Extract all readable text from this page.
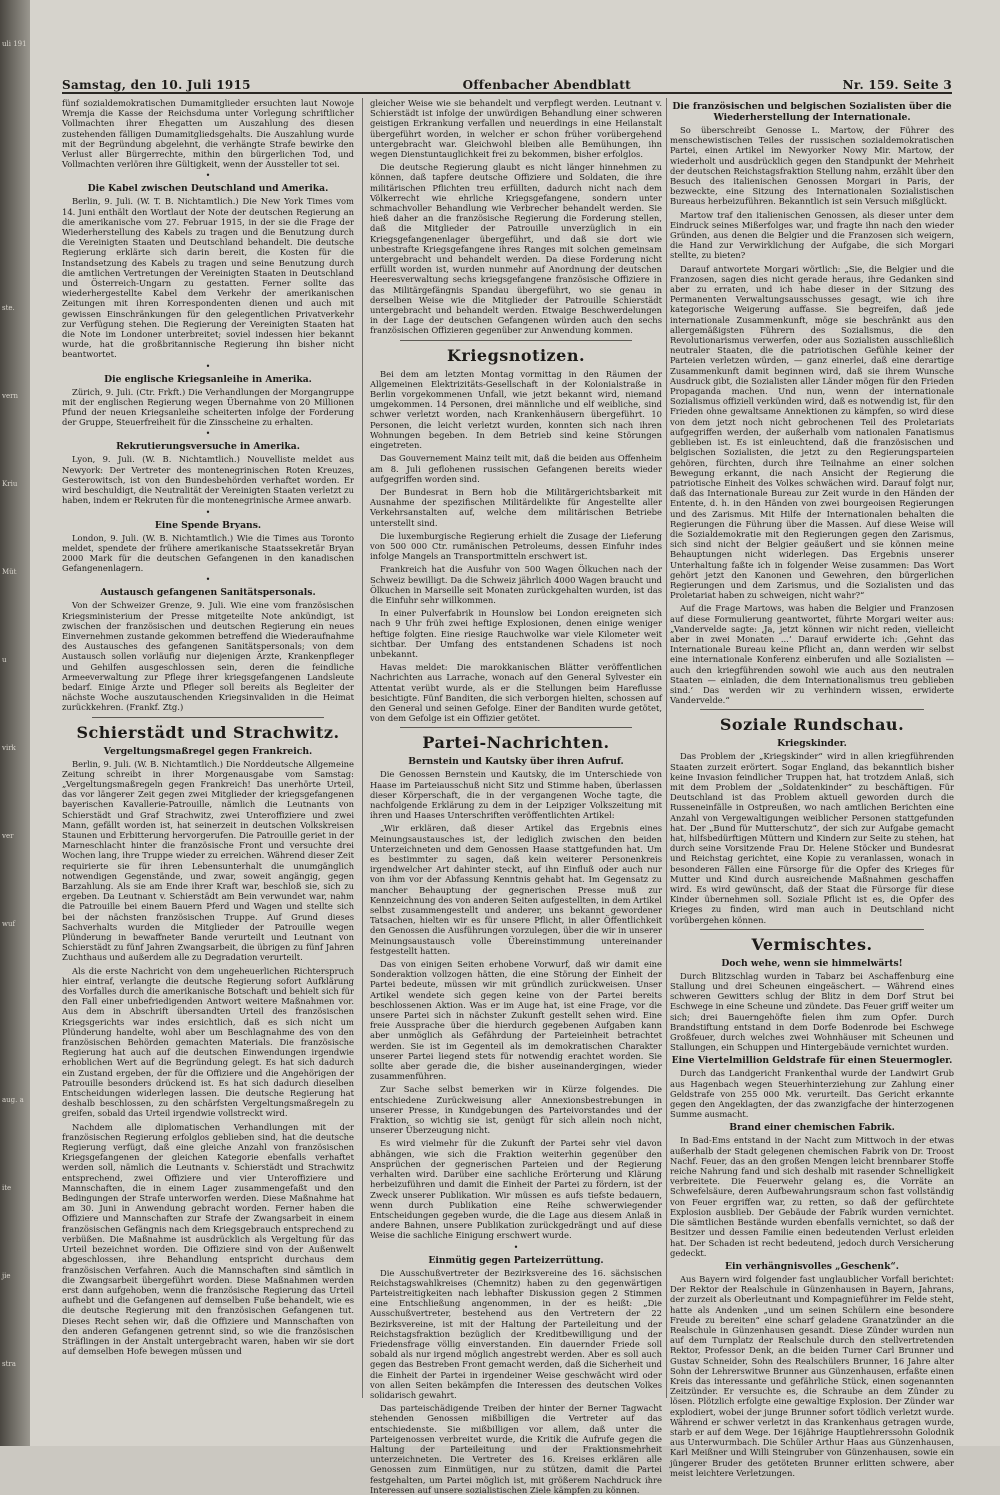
uli 191
ste.
vern
Kriu
Müt
u
virk
ver
wuf
aug. a
ite
jie
stra
Samstag, den 10. Juli 1915	Offenbacher Abendblatt	Nr. 159. Seite 3

fünf sozialdemokratischen Dumamitglieder ersuchten laut Nowoje Wremja die Kasse der Reichsduma unter Vorlegung schriftlicher Vollmachten ihrer Ehegatten um Auszahlung des diesen zustehenden fälligen Dumamitgliedsgehalts. Die Auszahlung wurde mit der Begründung abgelehnt, die verhängte Strafe bewirke den Verlust aller Bürgerrechte, mithin den bürgerlichen Tod, und Vollmachten verlören ihre Gültigkeit, wenn der Aussteller tot sei.

•
Die Kabel zwischen Deutschland und Amerika.

Berlin, 9. Juli. (W. T. B. Nichtamtlich.) Die New York Times vom 14. Juni enthält den Wortlaut der Note der deutschen Regierung an die amerikanische vom 27. Februar 1915, in der sie die Frage der Wiederherstellung des Kabels zu tragen und die Benutzung durch die Vereinigten Staaten und Deutschland behandelt. Die deutsche Regierung erklärte sich darin bereit, die Kosten für die Instandsetzung des Kabels zu tragen und seine Benutzung durch die amtlichen Vertretungen der Vereinigten Staaten in Deutschland und Österreich-Ungarn zu gestatten. Ferner sollte das wiederhergestellte Kabel dem Verkehr der amerikanischen Zeitungen mit ihren Korrespondenten dienen und auch mit gewissen Einschränkungen für den gelegentlichen Privatverkehr zur Verfügung stehen. Die Regierung der Vereinigten Staaten hat die Note im Londoner unterbreitet; soviel indessen hier bekannt wurde, hat die großbritannische Regierung ihn bisher nicht beantwortet.

•
Die englische Kriegsanleihe in Amerika.

Zürich, 9. Juli. (Ctr. Frkft.) Die Verhandlungen der Morgangruppe mit der englischen Regierung wegen Übernahme von 20 Millionen Pfund der neuen Kriegsanleihe scheiterten infolge der Forderung der Gruppe, Steuerfreiheit für die Zinsscheine zu erhalten.

•
Rekrutierungsversuche in Amerika.

Lyon, 9. Juli. (W. B. Nichtamtlich.) Nouvelliste meldet aus Newyork: Der Vertreter des montenegrinischen Roten Kreuzes, Gesterowitsch, ist von den Bundesbehörden verhaftet worden. Er wird beschuldigt, die Neutralität der Vereinigten Staaten verletzt zu haben, indem er Rekruten für die montenegrinische Armee anwarb.

•
Eine Spende Bryans.

London, 9. Juli. (W. B. Nichtamtlich.) Wie die Times aus Toronto meldet, spendete der frühere amerikanische Staatssekretär Bryan 2000 Mark für die deutschen Gefangenen in den kanadischen Gefangenenlagern.

•
Austausch gefangenen Sanitätspersonals.

Von der Schweizer Grenze, 9. Juli. Wie eine vom französischen Kriegsministerium der Presse mitgeteilte Note ankündigt, ist zwischen der französischen und deutschen Regierung ein neues Einvernehmen zustande gekommen betreffend die Wiederaufnahme des Austausches des gefangenen Sanitätspersonals; von dem Austausch sollen vorläufig nur diejenigen Ärzte, Krankenpfleger und Gehilfen ausgeschlossen sein, deren die feindliche Armeeverwaltung zur Pflege ihrer kriegsgefangenen Landsleute bedarf. Einige Ärzte und Pfleger soll bereits als Begleiter der nächste Woche auszutauschenden Kriegsinvaliden in die Heimat zurückkehren. (Frankf. Ztg.)

Schierstädt und Strachwitz.
Vergeltungsmaßregel gegen Frankreich.

Berlin, 9. Juli. (W. B. Nichtamtlich.) Die Norddeutsche Allgemeine Zeitung schreibt in ihrer Morgenausgabe vom Samstag: „Vergeltungsmaßregeln gegen Frankreich! Das unerhörte Urteil, das vor längerer Zeit gegen zwei Mitglieder der kriegsgefangenen bayerischen Kavallerie-Patrouille, nämlich die Leutnants von Schierstädt und Graf Strachwitz, zwei Unteroffiziere und zwei Mann, gefällt worden ist, hat seinerzeit in deutschen Volkskreisen Staunen und Erbitterung hervorgerufen. Die Patrouille geriet in der Marneschlacht hinter die französische Front und versuchte drei Wochen lang, ihre Truppe wieder zu erreichen. Während dieser Zeit requirierte sie für ihren Lebensunterhalt die unumgänglich notwendigen Gegenstände, und zwar, soweit angängig, gegen Barzahlung. Als sie am Ende ihrer Kraft war, beschloß sie, sich zu ergeben. Da Leutnant v. Schierstädt am Bein verwundet war, nahm die Patrouille bei einem Bauern Pferd und Wagen und stellte sich bei der nächsten französischen Truppe. Auf Grund dieses Sachverhalts wurden die Mitglieder der Patrouille wegen Plünderung in bewaffneter Bande verurteilt und Leutnant von Schierstädt zu fünf Jahren Zwangsarbeit, die übrigen zu fünf Jahren Zuchthaus und außerdem alle zu Degradation verurteilt.

Als die erste Nachricht von dem ungeheuerlichen Richterspruch hier eintraf, verlangte die deutsche Regierung sofort Aufklärung des Vorfalles durch die amerikanische Botschaft und behielt sich für den Fall einer unbefriedigenden Antwort weitere Maßnahmen vor. Aus dem in Abschrift übersandten Urteil des französischen Kriegsgerichts war indes ersichtlich, daß es sich nicht um Plünderung handelte, wohl aber um Beschlagnahme des von den französischen Behörden gemachten Materials. Die französische Regierung hat auch auf die deutschen Einwendungen irgendwie erhoblichen Wert auf die Begründung gelegt. Es hat sich dadurch ein Zustand ergeben, der für die Offiziere und die Angehörigen der Patrouille besonders drückend ist. Es hat sich dadurch dieselben Entscheidungen widerlegen lassen. Die deutsche Regierung hat deshalb beschlossen, zu den schärfsten Vergeltungsmaßregeln zu greifen, sobald das Urteil irgendwie vollstreckt wird.

Nachdem alle diplomatischen Verhandlungen mit der französischen Regierung erfolglos geblieben sind, hat die deutsche Regierung verfügt, daß eine gleiche Anzahl von französischen Kriegsgefangenen der gleichen Kategorie ebenfalls verhaftet werden soll, nämlich die Leutnants v. Schierstädt und Strachwitz entsprechend, zwei Offiziere und vier Unteroffiziere und Mannschaften, die in einem Lager zusammengefaßt und den Bedingungen der Strafe unterworfen werden. Diese Maßnahme hat am 30. Juni in Anwendung gebracht worden. Ferner haben die Offiziere und Mannschaften zur Strafe der Zwangsarbeit in einem französischen Gefängnis nach dem Kriegsgebrauch entsprechend zu verbüßen. Die Maßnahme ist ausdrücklich als Vergeltung für das Urteil bezeichnet worden. Die Offiziere sind von der Außenwelt abgeschlossen, ihre Behandlung entspricht durchaus dem französischen Verfahren. Auch die Mannschaften sind sämtlich in die Zwangsarbeit übergeführt worden. Diese Maßnahmen werden erst dann aufgehoben, wenn die französische Regierung das Urteil aufhebt und die Gefangenen auf demselben Fuße behandelt, wie es die deutsche Regierung mit den französischen Gefangenen tut. Dieses Recht sehen wir, daß die Offiziere und Mannschaften von den anderen Gefangenen getrennt sind, so wie die französischen Sträflingen in der Anstalt untergebracht waren, haben wir sie dort auf demselben Hofe bewegen müssen und

gleicher Weise wie sie behandelt und verpflegt werden. Leutnant v. Schierstädt ist infolge der unwürdigen Behandlung einer schweren geistigen Erkrankung verfallen und neuerdings in eine Heilanstalt übergeführt worden, in welcher er schon früher vorübergehend untergebracht war. Gleichwohl bleiben alle Bemühungen, ihn wegen Dienstuntauglichkeit frei zu bekommen, bisher erfolglos.

Die deutsche Regierung glaubt es nicht länger hinnehmen zu können, daß tapfere deutsche Offiziere und Soldaten, die ihre militärischen Pflichten treu erfüllten, dadurch nicht nach dem Völkerrecht wie ehrliche Kriegsgefangene, sondern unter schmachvoller Behandlung wie Verbrecher behandelt werden. Sie hieß daher an die französische Regierung die Forderung stellen, daß die Mitglieder der Patrouille unverzüglich in ein Kriegsgefangenenlager übergeführt, und daß sie dort wie unbestrafte Kriegsgefangene ihres Ranges mit solchen gemeinsam untergebracht und behandelt werden. Da diese Forderung nicht erfüllt worden ist, wurden nunmehr auf Anordnung der deutschen Heeresverwaltung sechs kriegsgefangene französische Offiziere in das Militärgefängnis Spandau übergeführt, wo sie genau in derselben Weise wie die Mitglieder der Patrouille Schierstädt untergebracht und behandelt werden. Etwaige Beschwerdelungen in der Lage der deutschen Gefangenen würden auch den sechs französischen Offizieren gegenüber zur Anwendung kommen.

Kriegsnotizen.

Bei dem am letzten Montag vormittag in den Räumen der Allgemeinen Elektrizitäts-Gesellschaft in der Kolonialstraße in Berlin vorgekommenen Unfall, wie jetzt bekannt wird, niemand umgekommen. 14 Personen, drei männliche und elf weibliche, sind schwer verletzt worden, nach Krankenhäusern übergeführt. 10 Personen, die leicht verletzt wurden, konnten sich nach ihren Wohnungen begeben. In dem Betrieb sind keine Störungen eingetreten.

Das Gouvernement Mainz teilt mit, daß die beiden aus Offenheim am 8. Juli geflohenen russischen Gefangenen bereits wieder aufgegriffen worden sind.

Der Bundesrat in Bern hob die Militärgerichtsbarkeit mit Ausnahme der spezifischen Militärdelikte für Angestellte aller Verkehrsanstalten auf, welche dem militärischen Betriebe unterstellt sind.

Die luxemburgische Regierung erhielt die Zusage der Lieferung von 500 000 Ctr. rumänischen Petroleums, dessen Einfuhr indes infolge Mangels an Transportmitteln erschwert ist.

Frankreich hat die Ausfuhr von 500 Wagen Ölkuchen nach der Schweiz bewilligt. Da die Schweiz jährlich 4000 Wagen braucht und Ölkuchen in Marseille seit Monaten zurückgehalten wurden, ist das die Einfuhr sehr willkommen.

In einer Pulverfabrik in Hounslow bei London ereigneten sich nach 9 Uhr früh zwei heftige Explosionen, denen einige weniger heftige folgten. Eine riesige Rauchwolke war viele Kilometer weit sichtbar. Der Umfang des entstandenen Schadens ist noch unbekannt.

Havas meldet: Die marokkanischen Blätter veröffentlichen Nachrichten aus Larrache, wonach auf den General Sylvester ein Attentat verübt wurde, als er die Stellungen beim Hareflusse besichtigte. Fünf Banditen, die sich verborgen hielten, schossen auf den General und seinen Gefolge. Einer der Banditen wurde getötet, von dem Gefolge ist ein Offizier getötet.

Partei-Nachrichten.
Bernstein und Kautsky über ihren Aufruf.

Die Genossen Bernstein und Kautsky, die im Unterschiede von Haase im Parteiausschuß nicht Sitz und Stimme haben, überlassen dieser Körperschaft, die in der vergangenen Woche tagte, die nachfolgende Erklärung zu dem in der Leipziger Volkszeitung mit ihren und Haases Unterschriften veröffentlichten Artikel:

„Wir erklären, daß dieser Artikel das Ergebnis eines Meinungsaustausches ist, der lediglich zwischen den beiden Unterzeichneten und dem Genossen Haase stattgefunden hat. Um es bestimmter zu sagen, daß kein weiterer Personenkreis irgendwelcher Art dahinter steckt, auf ihn Einfluß oder auch nur von ihm vor der Abfassung Kenntnis gehabt hat. Im Gegensatz zu mancher Behauptung der gegnerischen Presse muß zur Kennzeichnung des von anderen Seiten aufgestellten, in dem Artikel selbst zusammengestellt und anderer, uns bekannt gewordener Tatsachen, hielten wir es für unsere Pflicht, in aller Öffentlichkeit den Genossen die Ausführungen vorzulegen, über die wir in unserer Meinungsaustausch volle Übereinstimmung untereinander festgestellt hatten.

Das von einigen Seiten erhobene Vorwurf, daß wir damit eine Sonderaktion vollzogen hätten, die eine Störung der Einheit der Partei bedeute, müssen wir mit gründlich zurückweisen. Unser Artikel wendete sich gegen keine von der Partei bereits beschlossenen Aktion. Was er im Auge hat, ist eine Frage, vor die unsere Partei sich in nächster Zukunft gestellt sehen wird. Eine freie Aussprache über die hierdurch gegebenen Aufgaben kann aber unmöglich als Gefährdung der Parteieinheit betrachtet werden. Sie ist im Gegenteil als im demokratischen Charakter unserer Partei liegend stets für notwendig erachtet worden. Sie sollte aber gerade die, die bisher auseinandergingen, wieder zusammenführen.

Zur Sache selbst bemerken wir in Kürze folgendes. Die entschiedene Zurückweisung aller Annexionsbestrebungen in unserer Presse, in Kundgebungen des Parteivorstandes und der Fraktion, so wichtig sie ist, genügt für sich allein noch nicht, unserer Überzeugung nicht.

Es wird vielmehr für die Zukunft der Partei sehr viel davon abhängen, wie sich die Fraktion weiterhin gegenüber den Ansprüchen der gegnerischen Parteien und der Regierung verhalten wird. Darüber eine sachliche Erörterung und Klärung herbeizuführen und damit die Einheit der Partei zu fördern, ist der Zweck unserer Publikation. Wir müssen es aufs tiefste bedauern, wenn durch Publikation eine Reihe schwerwiegender Entscheidungen gegeben wurde, die die Lage aus diesem Anlaß in andere Bahnen, unsere Publikation zurückgedrängt und auf diese Weise die sachliche Einigung erschwert wurde.

•
Einmütig gegen Parteizerrüttung.

Die Ausschußvertreter der Bezirksvereine des 16. sächsischen Reichstagswahlkreises (Chemnitz) haben zu den gegenwärtigen Parteistreitigkeiten nach lebhafter Diskussion gegen 2 Stimmen eine Entschließung angenommen, in der es heißt: „Die Ausschußvertreter, bestehend aus den Vertretern der 22 Bezirksvereine, ist mit der Haltung der Parteileitung und der Reichstagsfraktion bezüglich der Kreditbewilligung und der Friedensfrage völlig einverstanden. Ein dauernder Friede soll sobald als nur irgend möglich angestrebt werden. Aber es soll auch gegen das Bestreben Front gemacht werden, daß die Sicherheit und die Einheit der Partei in irgendeiner Weise geschwächt wird oder von allen Seiten bekämpfen die Interessen des deutschen Volkes solidarisch gewahrt.

Das parteischädigende Treiben der hinter der Berner Tagwacht stehenden Genossen mißbilligen die Vertreter auf das entschiedenste. Sie mißbilligen vor allem, daß unter die Parteigenossen verbreitet wurde, die Kritik die Aufrufe gegen die Haltung der Parteileitung und der Fraktionsmehrheit unterzeichneten. Die Vertreter des 16. Kreises erklären alle Genossen zum Einmütigen, nur zu stützen, damit die Partei festgehalten, um Partei möglich ist, mit größerem Nachdruck ihre Interessen auf unsere sozialistischen Ziele kämpfen zu können.

Die französischen und belgischen Sozialisten über die Wiederherstellung der Internationale.

So überschreibt Genosse L. Martow, der Führer des menschewistischen Teiles der russischen sozialdemokratischen Partei, einen Artikel im Newyorker Nowy Mir. Martow, der wiederholt und ausdrücklich gegen den Standpunkt der Mehrheit der deutschen Reichstagsfraktion Stellung nahm, erzählt über den Besuch des italienischen Genossen Morgari in Paris, der bezweckte, eine Sitzung des Internationalen Sozialistischen Bureaus herbeizuführen. Bekanntlich ist sein Versuch mißglückt.

Martow traf den italienischen Genossen, als dieser unter dem Eindruck seines Mißerfolges war, und fragte ihn nach den wieder Gründen, aus denen die Belgier und die Franzosen sich weigern, die Hand zur Verwirklichung der Aufgabe, die sich Morgari stellte, zu bieten?

Darauf antwortete Morgari wörtlich: „Sie, die Belgier und die Franzosen, sagen dies nicht gerade heraus, ihre Gedanken sind aber zu erraten, und ich habe dieser in der Sitzung des Permanenten Verwaltungsausschusses gesagt, wie ich ihre kategorische Weigerung auffasse. Sie begreifen, daß jede internationale Zusammenkunft, möge sie beschränkt aus den allergemäßigsten Führern des Sozialismus, die den Revolutionarismus verwerfen, oder aus Sozialisten ausschließlich neutraler Staaten, die die patriotischen Gefühle keiner der Parteien verletzen würden, — ganz einerlei, daß eine derartige Zusammenkunft damit beginnen wird, daß sie ihrem Wunsche Ausdruck gibt, die Sozialisten aller Länder mögen für den Frieden Propaganda machen. Und nun, wenn der internationale Sozialismus offiziell verkünden wird, daß es notwendig ist, für den Frieden ohne gewaltsame Annektionen zu kämpfen, so wird diese von dem jetzt noch nicht gebrochenen Teil des Proletariats aufgegriffen werden, der außerhalb vom nationalen Fanatismus geblieben ist. Es ist einleuchtend, daß die französischen und belgischen Sozialisten, die jetzt zu den Regierungsparteien gehören, fürchten, durch ihre Teilnahme an einer solchen Bewegung erkannt, die nach Ansicht der Regierung die patriotische Einheit des Volkes schwächen wird. Darauf folgt nur, daß das Internationale Bureau zur Zeit wurde in den Händen der Entente, d. h. in den Händen von zwei bourgeoisen Regierungen und des Zarismus. Mit Hilfe der Internationalen behalten die Regierungen die Führung über die Massen. Auf diese Weise will die Sozialdemokratie mit den Regierungen gegen den Zarismus, sich sind nicht der Belgier geäußert und sie können meine Behauptungen nicht widerlegen. Das Ergebnis unserer Unterhaltung faßte ich in folgender Weise zusammen: Das Wort gehört jetzt den Kanonen und Gewehren, den bürgerlichen Regierungen und dem Zarismus, und die Sozialisten und das Proletariat haben zu schweigen, nicht wahr?“

Auf die Frage Martows, was haben die Belgier und Franzosen auf diese Formulierung geantwortet, führte Morgari weiter aus: „Vandervelde sagte: ‚Ja, jetzt können wir nicht reden, vielleicht aber in zwei Monaten ...‘ Darauf erwiderte ich: ‚Gehnt das Internationale Bureau keine Pflicht an, dann werden wir selbst eine internationale Konferenz einberufen und alle Sozialisten — auch den kriegführenden sowohl wie auch aus den neutralen Staaten — einladen, die dem Internationalismus treu geblieben sind.‘ Das werden wir zu verhindern wissen, erwiderte Vandervelde.“

Soziale Rundschau.
Kriegskinder.

Das Problem der „Kriegskinder“ wird in allen kriegführenden Staaten zurzeit erörtert. Sogar England, das bekanntlich bisher keine Invasion feindlicher Truppen hat, hat trotzdem Anlaß, sich mit dem Problem der „Soldatenkinder“ zu beschäftigen. Für Deutschland ist das Problem aktuell geworden durch die Russeneinfälle in Ostpreußen, wo nach amtlichen Berichten eine Anzahl von Vergewaltigungen weiblicher Personen stattgefunden hat. Der „Bund für Mutterschutz“, der sich zur Aufgabe gemacht hat, hilfsbedürftigen Müttern und Kindern zur Seite zu stehen, hat durch seine Vorsitzende Frau Dr. Helene Stöcker und Bundesrat und Reichstag gerichtet, eine Kopie zu veranlassen, wonach in besonderen Fällen eine Fürsorge für die Opfer des Krieges für Mutter und Kind durch ausreichende Maßnahmen geschaffen wird. Es wird gewünscht, daß der Staat die Fürsorge für diese Kinder übernehmen soll. Soziale Pflicht ist es, die Opfer des Krieges zu finden, wird man auch in Deutschland nicht vorübergehen können.

Vermischtes.
Doch wehe, wenn sie himmelwärts!

Durch Blitzschlag wurden in Tabarz bei Aschaffenburg eine Stallung und drei Scheunen eingeäschert. — Während eines schweren Gewitters schlug der Blitz in dem Dorf Strut bei Eschwege in eine Scheune und zündete. Das Feuer griff weiter um sich; drei Bauerngehöfte fielen ihm zum Opfer. Durch Brandstiftung entstand in dem Dorfe Bodenrode bei Eschwege Großfeuer, durch welches zwei Wohnhäuser mit Scheunen und Stallungen, ein Schuppen und Hintergebäude vernichtet wurden.

Eine Viertelmillion Geldstrafe für einen Steuermogler.

Durch das Landgericht Frankenthal wurde der Landwirt Grub aus Hagenbach wegen Steuerhinterziehung zur Zahlung einer Geldstrafe von 255 000 Mk. verurteilt. Das Gericht erkannte gegen den Angeklagten, der das zwanzigfache der hinterzogenen Summe ausmacht.

Brand einer chemischen Fabrik.

In Bad-Ems entstand in der Nacht zum Mittwoch in der etwas außerhalb der Stadt gelegenen chemischen Fabrik von Dr. Troost Nachf. Feuer, das an den großen Mengen leicht brennbarer Stoffe reiche Nahrung fand und sich deshalb mit rasender Schnelligkeit verbreitete. Die Feuerwehr gelang es, die Vorräte an Schwefelsäure, deren Aufbewahrungsraum schon fast vollständig von Feuer ergriffen war, zu retten, so daß der gefürchtete Explosion ausblieb. Der Gebäude der Fabrik wurden vernichtet. Die sämtlichen Bestände wurden ebenfalls vernichtet, so daß der Besitzer und dessen Familie einen bedeutenden Verlust erleiden hat. Der Schaden ist recht bedeutend, jedoch durch Versicherung gedeckt.

Ein verhängnisvolles „Geschenk“.

Aus Bayern wird folgender fast unglaublicher Vorfall berichtet: Der Rektor der Realschule in Günzenhausen in Bayern, Jahrans, der zurzeit als Oberleutnant und Kompagnieführer im Felde steht, hatte als Andenken „und um seinen Schülern eine besondere Freude zu bereiten“ eine scharf geladene Granatzünder an die Realschule in Günzenhausen gesandt. Diese Zünder wurden nun auf dem Turnplatz der Realschule durch den stellvertretenden Rektor, Professor Denk, an die beiden Turner Carl Brunner und Gustav Schneider, Sohn des Realschülers Brunner, 16 Jahre alter Sohn der Lehrerswitwe Brunner aus Günzenhausen, erfaßte einen Kreis das interessante und gefährliche Stück, einen sogenannten Zeitzünder. Er versuchte es, die Schraube an dem Zünder zu lösen. Plötzlich erfolgte eine gewaltige Explosion. Der Zünder war explodiert, wobei der junge Brunner sofort tödlich verletzt wurde. Während er schwer verletzt in das Krankenhaus getragen wurde, starb er auf dem Wege. Der 16jährige Hauptlehrerssohn Golodnik aus Unterwurmbach. Die Schüler Arthur Haas aus Günzenhausen, Karl Meißner und Willi Steingruber von Günzenhausen, sowie ein jüngerer Bruder des getöteten Brunner erlitten schwere, aber meist leichtere Verletzungen.
